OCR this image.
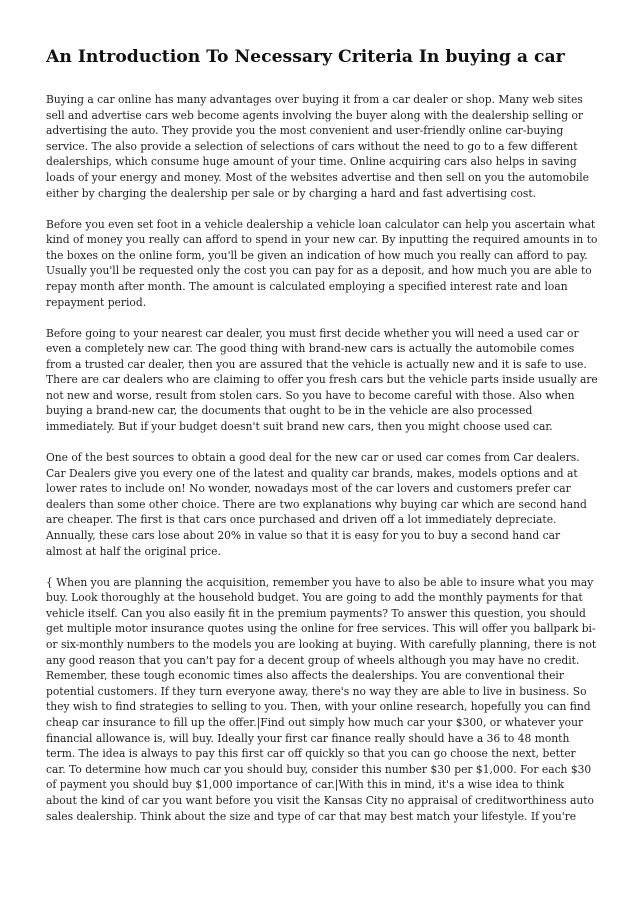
An Introduction To Necessary Criteria In buying a car

Buying a car online has many advantages over buying it from a car dealer or shop. Many web sites sell and advertise cars web become agents involving the buyer along with the dealership selling or advertising the auto. They provide you the most convenient and user-friendly online car-buying service. The also provide a selection of selections of cars without the need to go to a few different dealerships, which consume huge amount of your time. Online acquiring cars also helps in saving loads of your energy and money. Most of the websites advertise and then sell on you the automobile either by charging the dealership per sale or by charging a hard and fast advertising cost.

Before you even set foot in a vehicle dealership a vehicle loan calculator can help you ascertain what kind of money you really can afford to spend in your new car. By inputting the required amounts in to the boxes on the online form, you'll be given an indication of how much you really can afford to pay. Usually you'll be requested only the cost you can pay for as a deposit, and how much you are able to repay month after month. The amount is calculated employing a specified interest rate and loan repayment period.

Before going to your nearest car dealer, you must first decide whether you will need a used car or even a completely new car. The good thing with brand-new cars is actually the automobile comes from a trusted car dealer, then you are assured that the vehicle is actually new and it is safe to use. There are car dealers who are claiming to offer you fresh cars but the vehicle parts inside usually are not new and worse, result from stolen cars. So you have to become careful with those. Also when buying a brand-new car, the documents that ought to be in the vehicle are also processed immediately. But if your budget doesn't suit brand new cars, then you might choose used car.

One of the best sources to obtain a good deal for the new car or used car comes from Car dealers. Car Dealers give you every one of the latest and quality car brands, makes, models options and at lower rates to include on! No wonder, nowadays most of the car lovers and customers prefer car dealers than some other choice. There are two explanations why buying car which are second hand are cheaper. The first is that cars once purchased and driven off a lot immediately depreciate. Annually, these cars lose about 20% in value so that it is easy for you to buy a second hand car almost at half the original price.

{ When you are planning the acquisition, remember you have to also be able to insure what you may buy. Look thoroughly at the household budget. You are going to add the monthly payments for that vehicle itself. Can you also easily fit in the premium payments? To answer this question, you should get multiple motor insurance quotes using the online for free services. This will offer you ballpark bi- or six-monthly numbers to the models you are looking at buying. With carefully planning, there is not any good reason that you can't pay for a decent group of wheels although you may have no credit. Remember, these tough economic times also affects the dealerships. You are conventional their potential customers. If they turn everyone away, there's no way they are able to live in business. So they wish to find strategies to selling to you. Then, with your online research, hopefully you can find cheap car insurance to fill up the offer.|Find out simply how much car your $300, or whatever your financial allowance is, will buy. Ideally your first car finance really should have a 36 to 48 month term. The idea is always to pay this first car off quickly so that you can go choose the next, better car. To determine how much car you should buy, consider this number $30 per $1,000. For each $30 of payment you should buy $1,000 importance of car.|With this in mind, it's a wise idea to think about the kind of car you want before you visit the Kansas City no appraisal of creditworthiness auto sales dealership. Think about the size and type of car that may best match your lifestyle. If you're
